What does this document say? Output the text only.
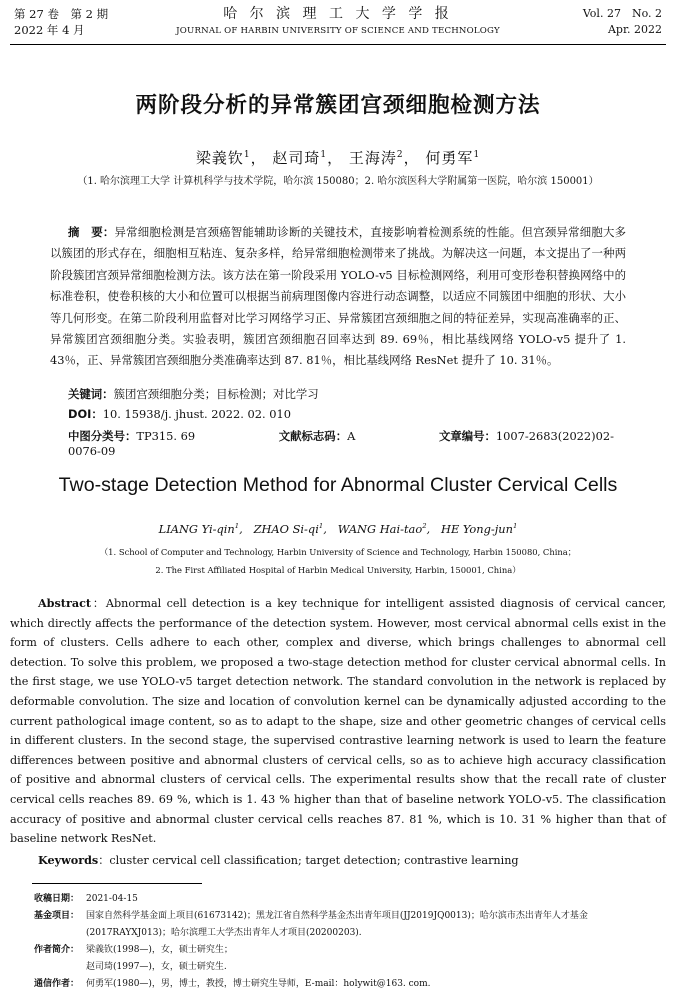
第 27 卷　第 2 期
2022 年 4 月
哈 尔 滨 理 工 大 学 学 报
JOURNAL OF HARBIN UNIVERSITY OF SCIENCE AND TECHNOLOGY
Vol. 27　No. 2
Apr. 2022
两阶段分析的异常簇团宫颈细胞检测方法
梁義钦$^1$， 赵司琦$^1$， 王海涛$^2$， 何勇军$^1$
（1. 哈尔滨理工大学 计算机科学与技术学院，哈尔滨 150080；2. 哈尔滨医科大学附属第一医院，哈尔滨 150001）
摘　要：异常细胞检测是宫颈癌智能辅助诊断的关键技术，直接影响着检测系统的性能。但宫颈异常细胞大多以簇团的形式存在，细胞相互粘连、复杂多样，给异常细胞检测带来了挑战。为解决这一问题，本文提出了一种两阶段簇团宫颈异常细胞检测方法。该方法在第一阶段采用 YOLO-v5 目标检测网络，利用可变形卷积替换网络中的标准卷积，使卷积核的大小和位置可以根据当前病理图像内容进行动态调整，以适应不同簇团中细胞的形状、大小等几何形变。在第二阶段利用监督对比学习网络学习正、异常簇团宫颈细胞之间的特征差异，实现高准确率的正、异常簇团宫颈细胞分类。实验表明，簇团宫颈细胞召回率达到 89. 69％，相比基线网络 YOLO-v5 提升了 1. 43％，正、异常簇团宫颈细胞分类准确率达到 87. 81％，相比基线网络 ResNet 提升了 10. 31％。
关键词：簇团宫颈细胞分类；目标检测；对比学习
DOI：10. 15938/j. jhust. 2022. 02. 010
中图分类号：TP315. 69	文献标志码：A	文章编号：1007-2683(2022)02-0076-09
Two-stage Detection Method for Abnormal Cluster Cervical Cells
LIANG Yi-qin$^1$,   ZHAO $Si-qi^1$,   WANG Hai-tao$^2$,   HE Yong-jun$^1$
（1. School of Computer and Technology, Harbin University of Science and Technology, Harbin 150080, China；
2. The First Affiliated Hospital of Harbin Medical University, Harbin, 150001, China）
Abstract：Abnormal cell detection is a key technique for intelligent assisted diagnosis of cervical cancer, which directly affects the performance of the detection system. However, most cervical abnormal cells exist in the form of clusters. Cells adhere to each other, complex and diverse, which brings challenges to abnormal cell detection. To solve this problem, we proposed a two-stage detection method for cluster cervical abnormal cells. In the first stage, we use YOLO-v5 target detection network. The standard convolution in the network is replaced by deformable convolution. The size and location of convolution kernel can be dynamically adjusted according to the current pathological image content, so as to adapt to the shape, size and other geometric changes of cervical cells in different clusters. In the second stage, the supervised contrastive learning network is used to learn the feature differences between positive and abnormal clusters of cervical cells, so as to achieve high accuracy classification of positive and abnormal clusters of cervical cells. The experimental results show that the recall rate of cluster cervical cells reaches 89. 69 %, which is 1. 43 % higher than that of baseline network YOLO-v5. The classification accuracy of positive and abnormal cluster cervical cells reaches 87. 81 %, which is 10. 31 % higher than that of baseline network ResNet.
Keywords：cluster cervical cell classification; target detection; contrastive learning
收稿日期： 2021-04-15
基金项目： 国家自然科学基金面上项目(61673142)；黑龙江省自然科学基金杰出青年项目(JJ2019JQ0013)；哈尔滨市杰出青年人才基金(2017RAYXJ013)；哈尔滨理工大学杰出青年人才项目(20200203).
作者简介： 梁義钦(1998—)，女，硕士研究生；
赵司琦(1997—)，女，硕士研究生.
通信作者： 何勇军(1980—)，男，博士，教授，博士研究生导师，E-mail：holywit@163. com.
